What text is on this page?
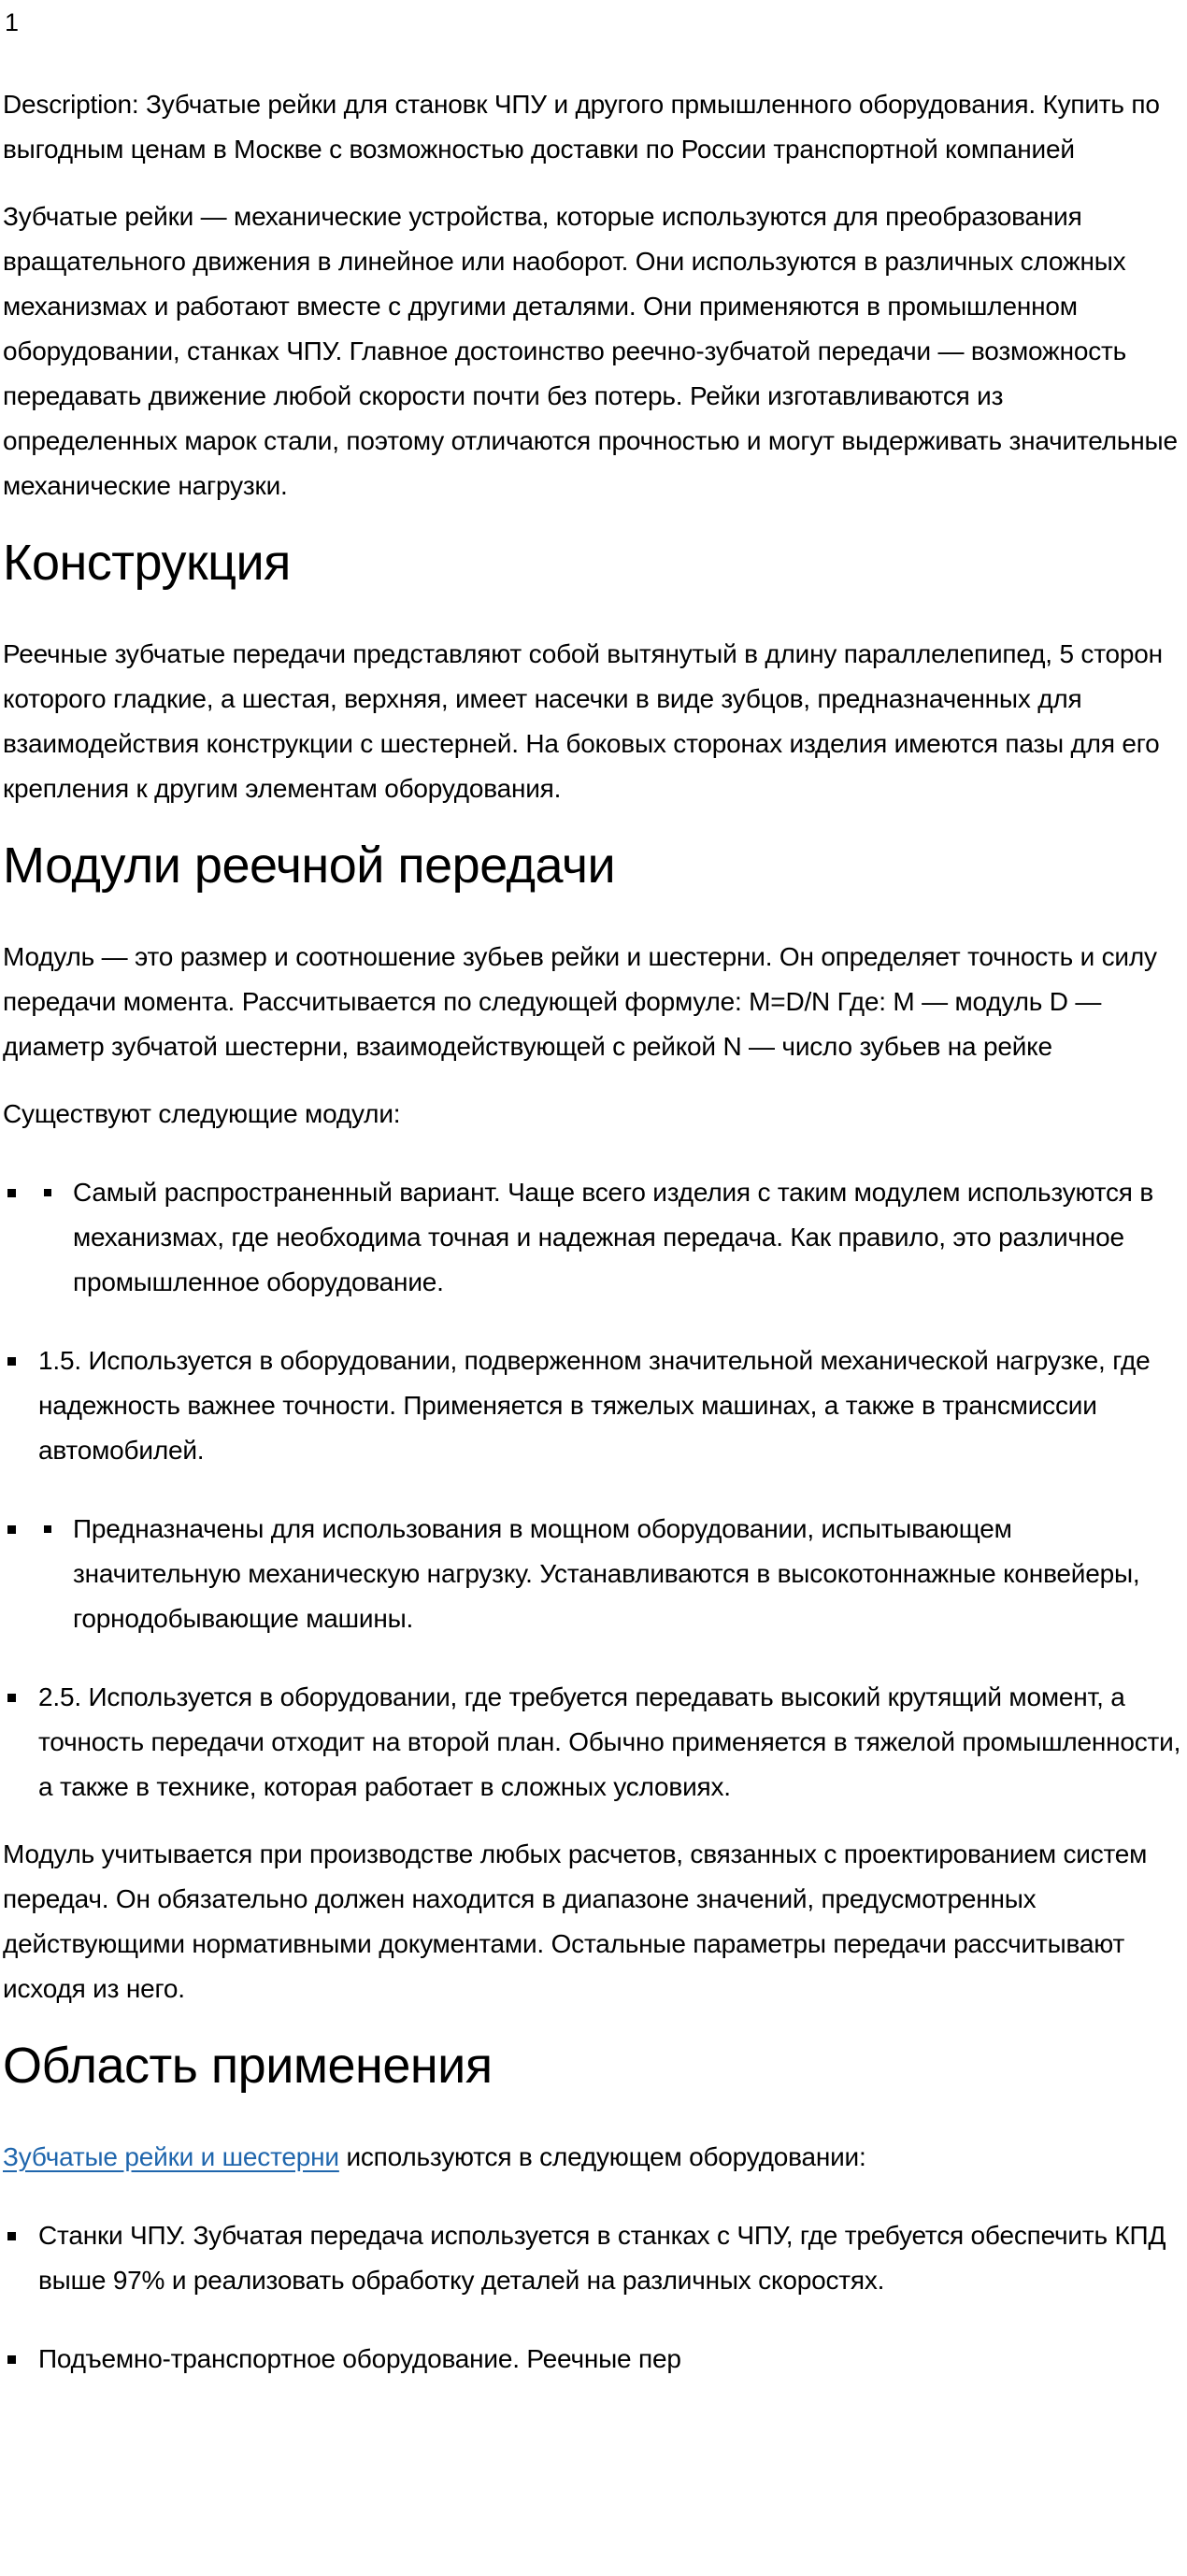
1

Description: Зубчатые рейки для становк ЧПУ и другого прмышленного оборудования. Купить по выгодным ценам в Москве с возможностью доставки по России транспортной компанией

Зубчатые рейки — механические устройства, которые используются для преобразования вращательного движения в линейное или наоборот. Они используются в различных сложных механизмах и работают вместе с другими деталями. Они применяются в промышленном оборудовании, станках ЧПУ. Главное достоинство реечно-зубчатой передачи — возможность передавать движение любой скорости почти без потерь. Рейки изготавливаются из определенных марок стали, поэтому отличаются прочностью и могут выдерживать значительные механические нагрузки.

Конструкция

Реечные зубчатые передачи представляют собой вытянутый в длину параллелепипед, 5 сторон которого гладкие, а шестая, верхняя, имеет насечки в виде зубцов, предназначенных для взаимодействия конструкции с шестерней. На боковых сторонах изделия имеются пазы для его крепления к другим элементам оборудования.

Модули реечной передачи

Модуль — это размер и соотношение зубьев рейки и шестерни. Он определяет точность и силу передачи момента. Рассчитывается по следующей формуле: M=D/N Где: M — модуль D — диаметр зубчатой шестерни, взаимодействующей с рейкой N — число зубьев на рейке

Существуют следующие модули:

Самый распространенный вариант. Чаще всего изделия с таким модулем используются в механизмах, где необходима точная и надежная передача. Как правило, это различное промышленное оборудование.
1.5. Используется в оборудовании, подверженном значительной механической нагрузке, где надежность важнее точности. Применяется в тяжелых машинах, а также в трансмиссии автомобилей.
Предназначены для использования в мощном оборудовании, испытывающем значительную механическую нагрузку. Устанавливаются в высокотоннажные конвейеры, горнодобывающие машины.
2.5. Используется в оборудовании, где требуется передавать высокий крутящий момент, а точность передачи отходит на второй план. Обычно применяется в тяжелой промышленности, а также в технике, которая работает в сложных условиях.

Модуль учитывается при производстве любых расчетов, связанных с проектированием систем передач. Он обязательно должен находится в диапазоне значений, предусмотренных действующими нормативными документами. Остальные параметры передачи рассчитывают исходя из него.

Область применения

Зубчатые рейки и шестерни используются в следующем оборудовании:

Станки ЧПУ. Зубчатая передача используется в станках с ЧПУ, где требуется обеспечить КПД выше 97% и реализовать обработку деталей на различных скоростях.
Подъемно-транспортное оборудование. Реечные пер
